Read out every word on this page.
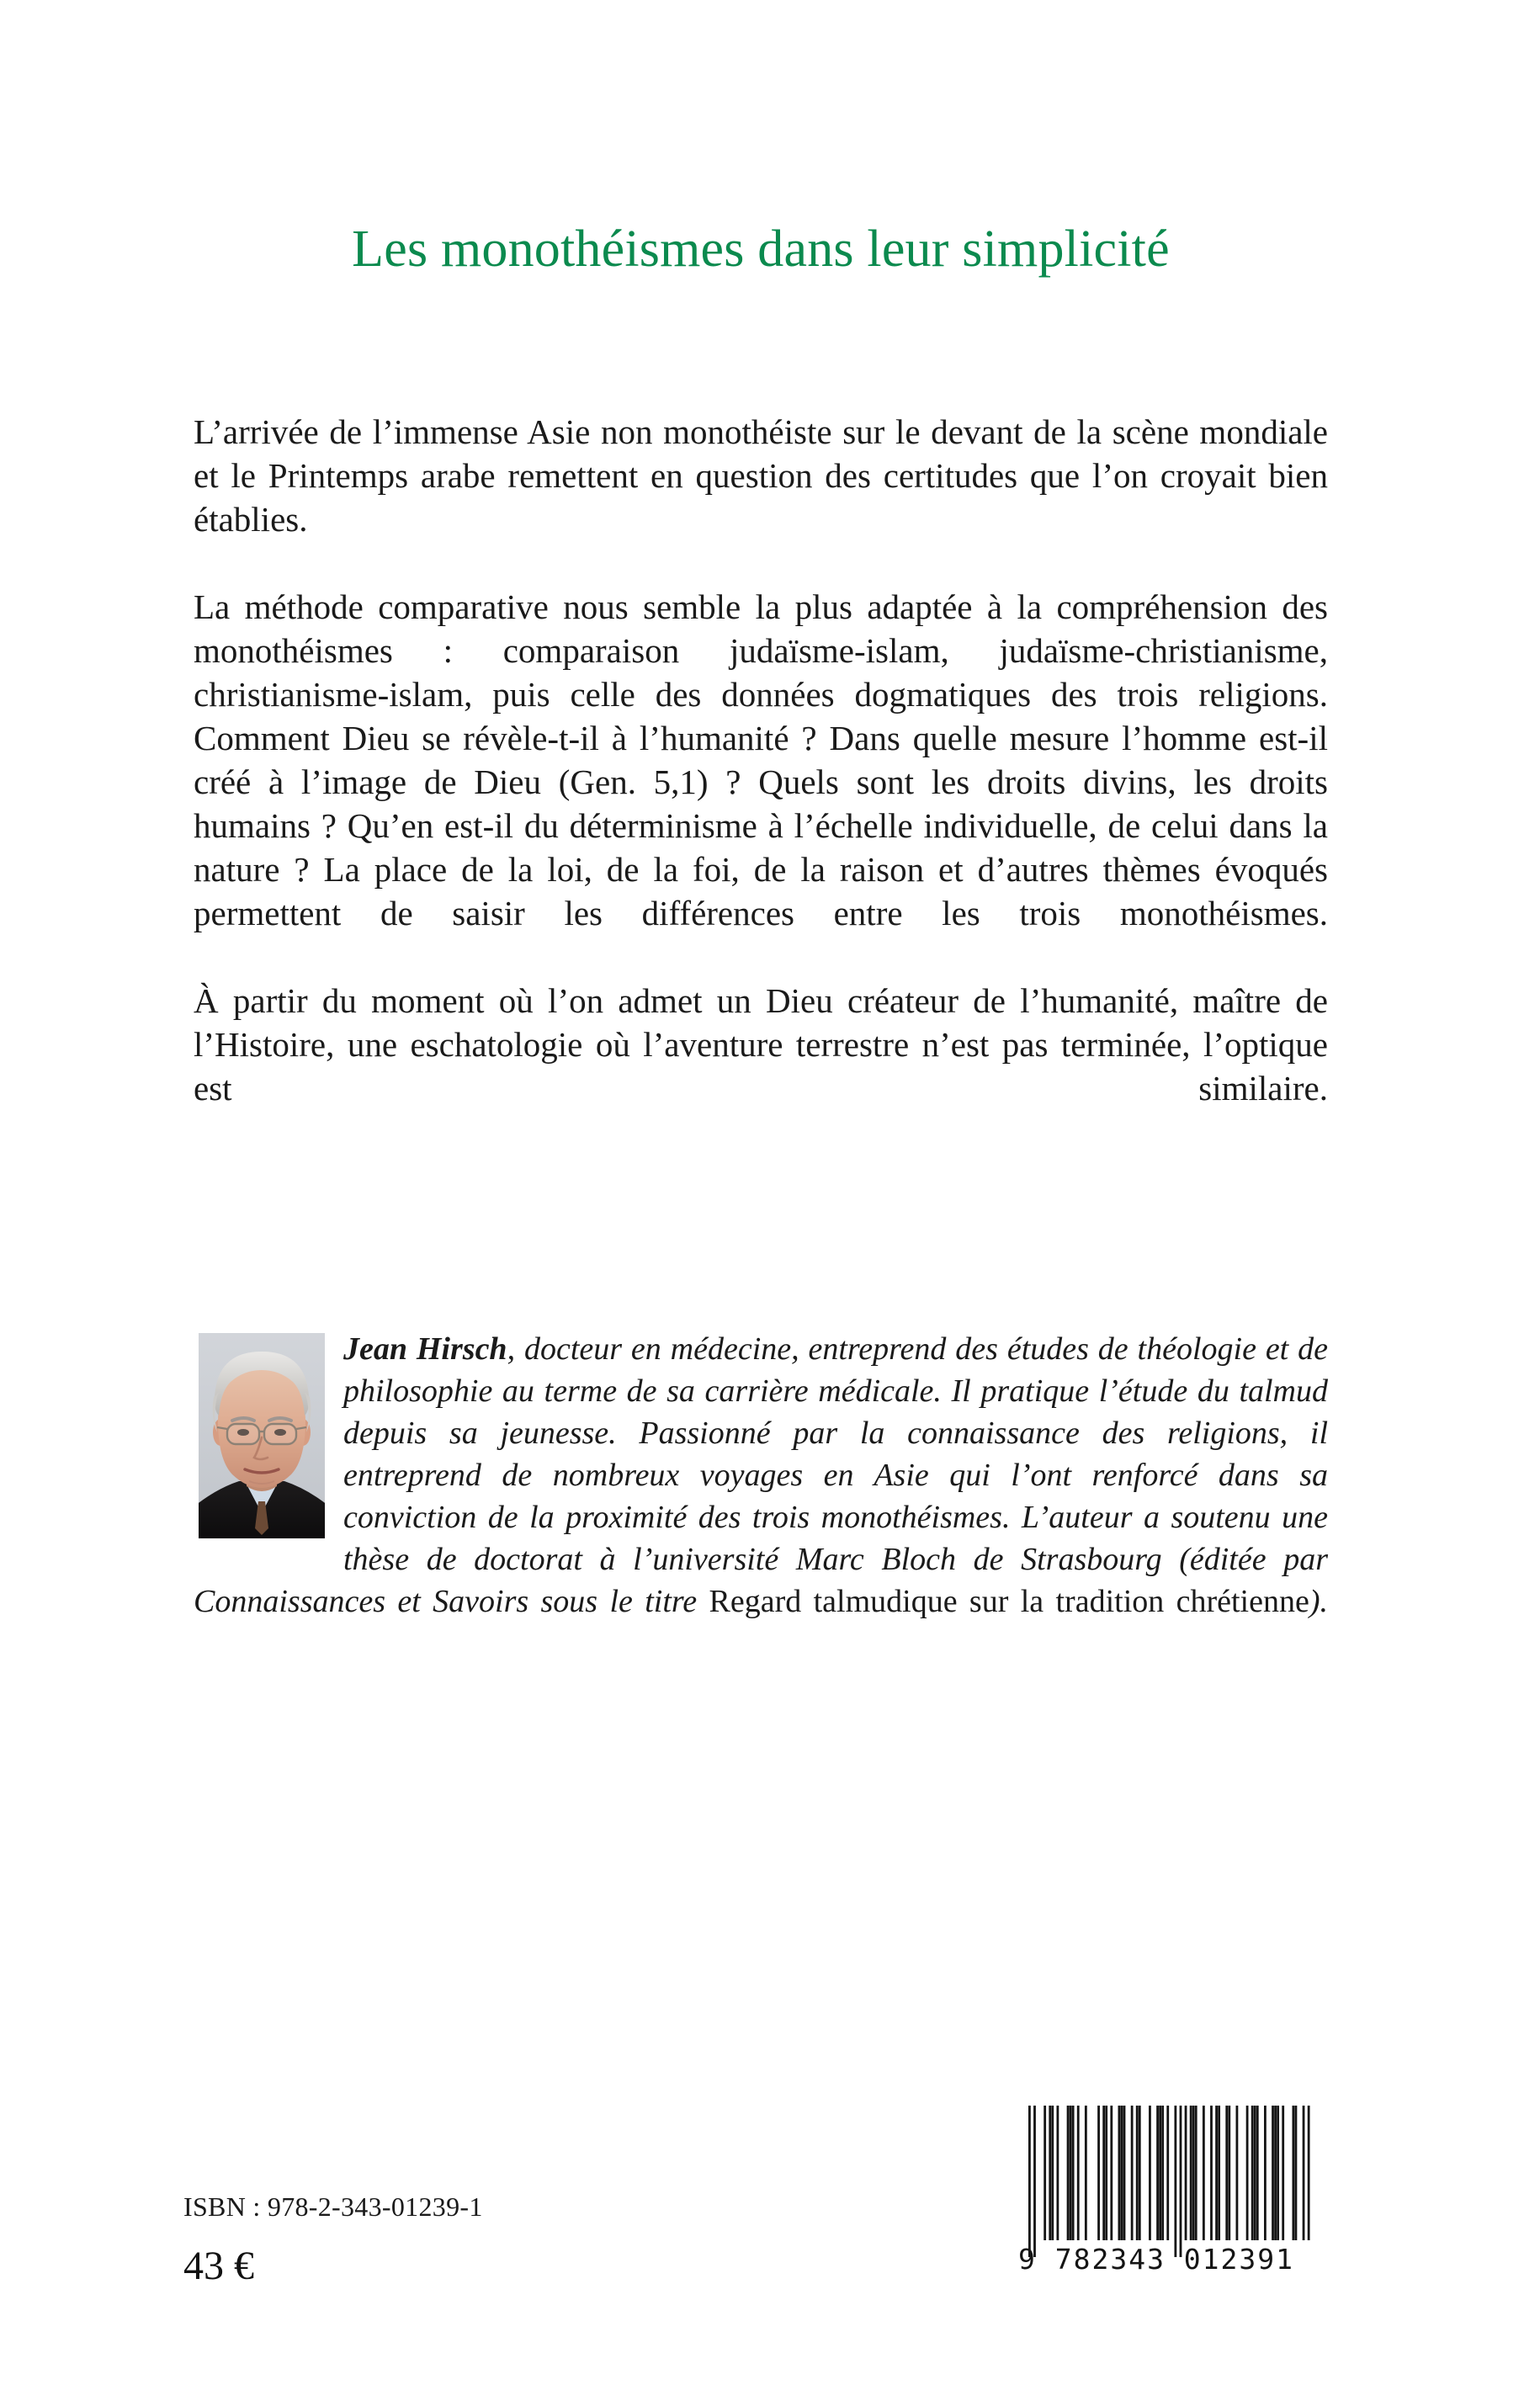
Les monothéismes dans leur simplicité

L’arrivée de l’immense Asie non monothéiste sur le devant de la scène mondiale et le Printemps arabe remettent en question des certitudes que l’on croyait bien établies.

La méthode comparative nous semble la plus adaptée à la compréhension des monothéismes : comparaison judaïsme-islam, judaïsme-christianisme, christianisme-islam, puis celle des données dogmatiques des trois religions. Comment Dieu se révèle-t-il à l’humanité ? Dans quelle mesure l’homme est-il créé à l’image de Dieu (Gen. 5,1) ? Quels sont les droits divins, les droits humains ? Qu’en est-il du déterminisme à l’échelle individuelle, de celui dans la nature ? La place de la loi, de la foi, de la raison et d’autres thèmes évoqués permettent de saisir les différences entre les trois monothéismes.

À partir du moment où l’on admet un Dieu créateur de l’humanité, maître de l’Histoire, une eschatologie où l’aventure terrestre n’est pas terminée, l’optique est similaire.

Jean Hirsch, docteur en médecine, entreprend des études de théologie et de philosophie au terme de sa carrière médicale. Il pratique l’étude du talmud depuis sa jeunesse. Passionné par la connaissance des religions, il entreprend de nombreux voyages en Asie qui l’ont renforcé dans sa conviction de la proximité des trois monothéismes. L’auteur a soutenu une thèse de doctorat à l’université Marc Bloch de Strasbourg (éditée par Connaissances et Savoirs sous le titre Regard talmudique sur la tradition chrétienne).
ISBN : 978-2-343-01239-1
43 €	9 782343 012391
